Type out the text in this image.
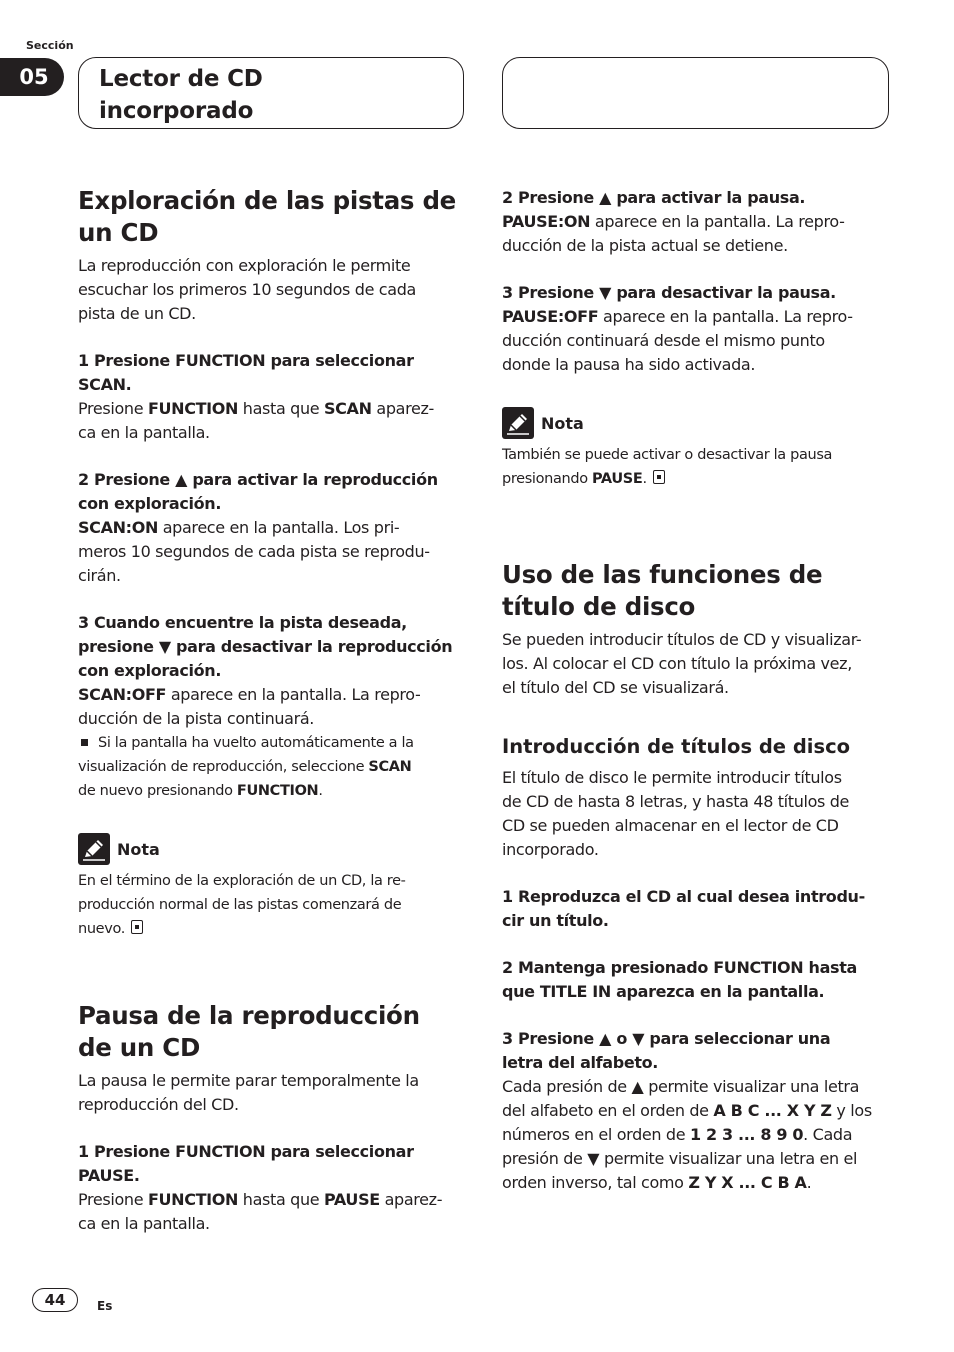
Sección
05	Lector de CD
incorporado
Exploración de las pistas de
un CD

La reproducción con exploración le permite
escuchar los primeros 10 segundos de cada
pista de un CD.

1 Presione FUNCTION para seleccionar
SCAN.

Presione FUNCTION hasta que SCAN aparez-
ca en la pantalla.

2 Presione ▲ para activar la reproducción
con exploración.

SCAN:ON aparece en la pantalla. Los pri-
meros 10 segundos de cada pista se reprodu-
cirán.

3 Cuando encuentre la pista deseada,
presione ▼ para desactivar la reproducción
con exploración.

SCAN:OFF aparece en la pantalla. La repro-
ducción de la pista continuará.

Si la pantalla ha vuelto automáticamente a la
visualización de reproducción, seleccione SCAN
de nuevo presionando FUNCTION.

Nota

En el término de la exploración de un CD, la re-
producción normal de las pistas comenzará de
nuevo.

Pausa de la reproducción
de un CD

La pausa le permite parar temporalmente la
reproducción del CD.

1 Presione FUNCTION para seleccionar
PAUSE.

Presione FUNCTION hasta que PAUSE aparez-
ca en la pantalla.

2 Presione ▲ para activar la pausa.

PAUSE:ON aparece en la pantalla. La repro-
ducción de la pista actual se detiene.

3 Presione ▼ para desactivar la pausa.

PAUSE:OFF aparece en la pantalla. La repro-
ducción continuará desde el mismo punto
donde la pausa ha sido activada.

Nota

También se puede activar o desactivar la pausa
presionando PAUSE.

Uso de las funciones de
título de disco

Se pueden introducir títulos de CD y visualizar-
los. Al colocar el CD con título la próxima vez,
el título del CD se visualizará.

Introducción de títulos de disco

El título de disco le permite introducir títulos
de CD de hasta 8 letras, y hasta 48 títulos de
CD se pueden almacenar en el lector de CD
incorporado.

1 Reproduzca el CD al cual desea introdu-
cir un título.

2 Mantenga presionado FUNCTION hasta
que TITLE IN aparezca en la pantalla.

3 Presione ▲ o ▼ para seleccionar una
letra del alfabeto.

Cada presión de ▲ permite visualizar una letra
del alfabeto en el orden de A B C ... X Y Z y los
números en el orden de 1 2 3 ... 8 9 0. Cada
presión de ▼ permite visualizar una letra en el
orden inverso, tal como Z Y X ... C B A.

44	Es
